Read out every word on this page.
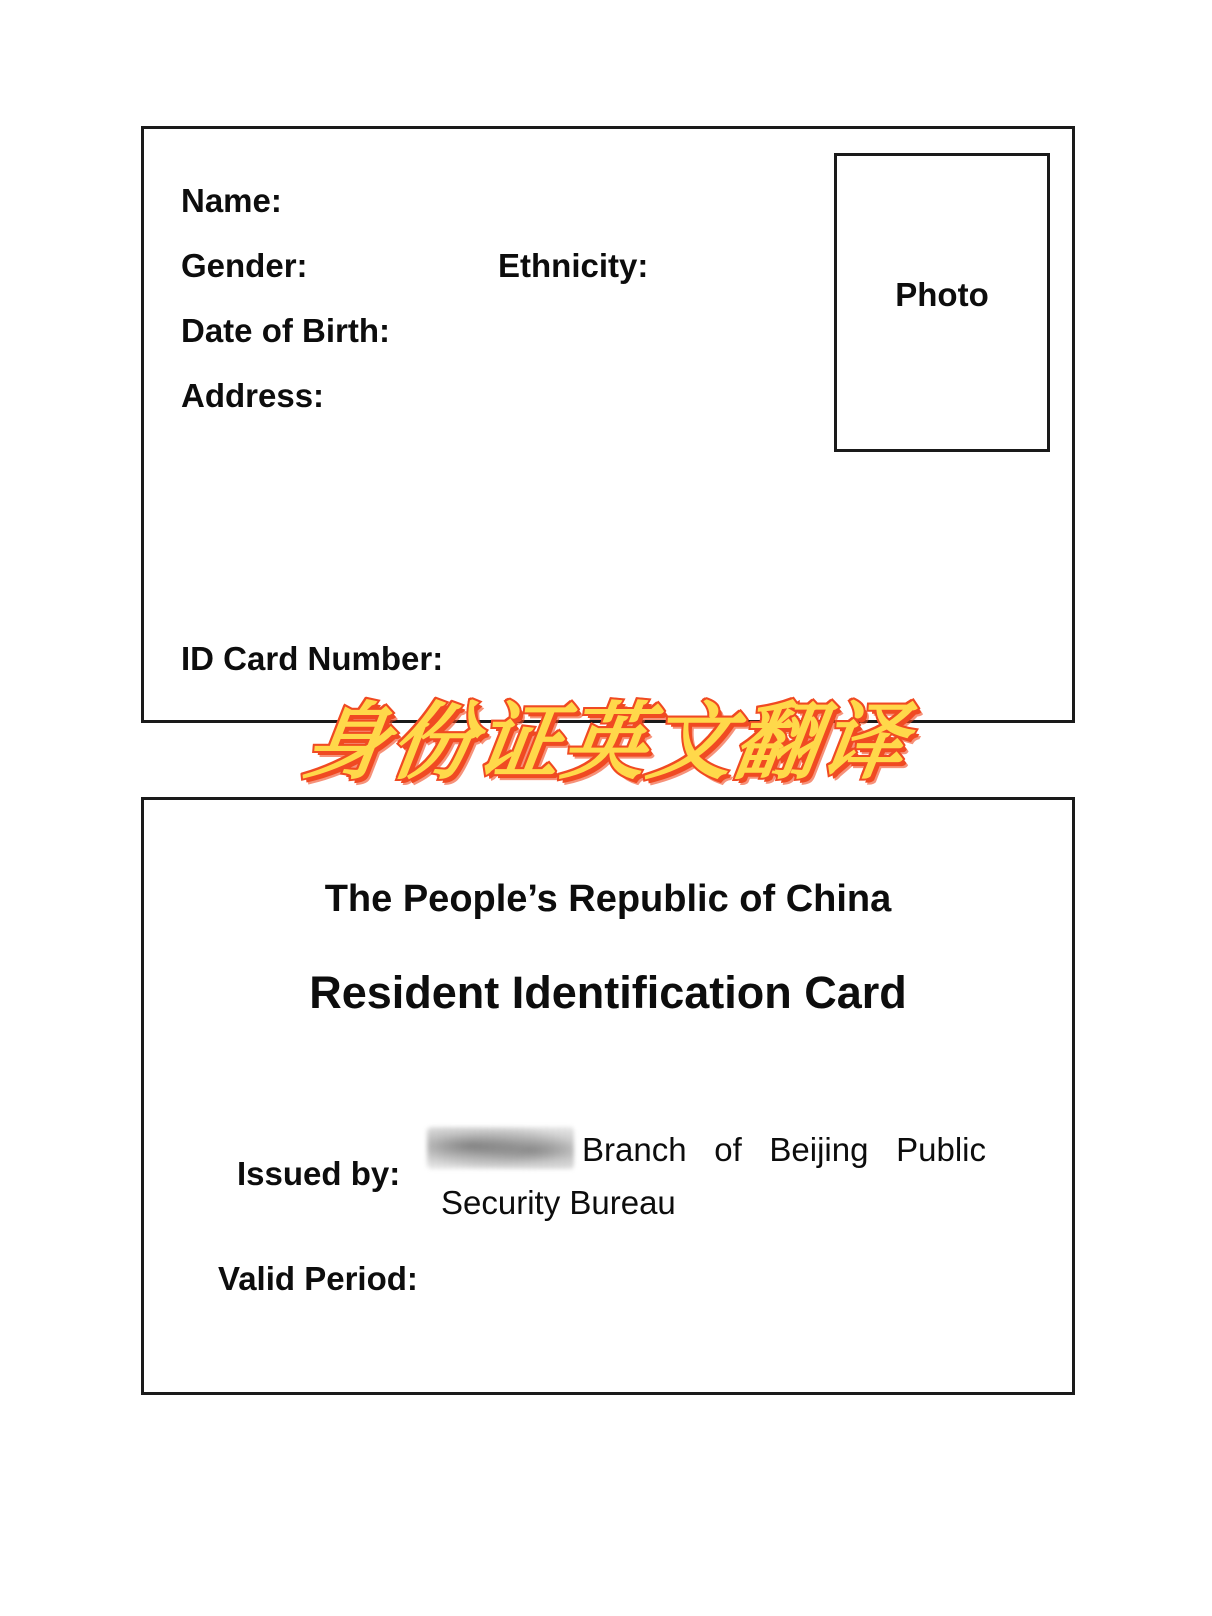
Name:
Gender:	Ethnicity:
Date of Birth:
Address:
ID Card Number:
Photo
身份证英文翻译
The People’s Republic of China
Resident Identification Card
Issued by:
Branch of Beijing Public
Security Bureau
Valid Period:
